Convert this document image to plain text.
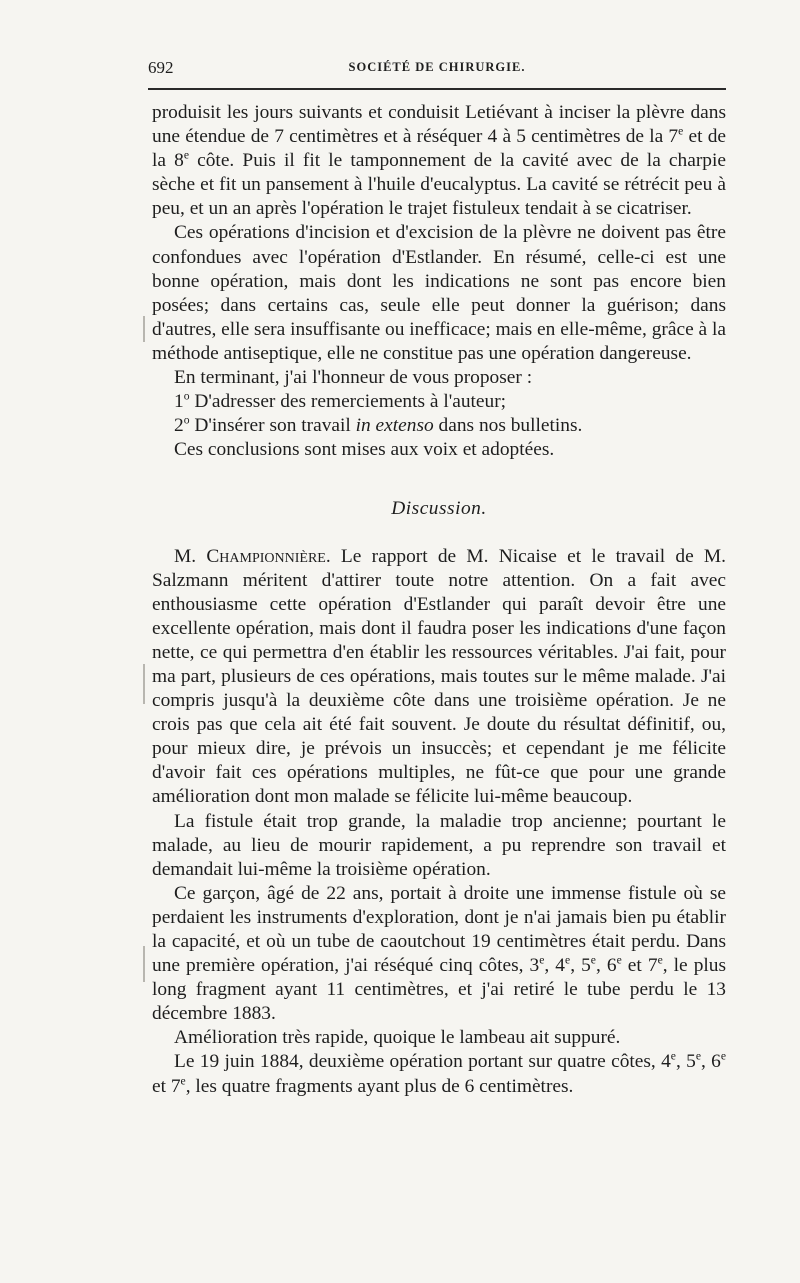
692	SOCIÉTÉ DE CHIRURGIE.

produisit les jours suivants et conduisit Letiévant à inciser la plèvre dans une étendue de 7 centimètres et à réséquer 4 à 5 centimètres de la 7e et de la 8e côte. Puis il fit le tamponnement de la cavité avec de la charpie sèche et fit un pansement à l'huile d'eucalyptus. La cavité se rétrécit peu à peu, et un an après l'opération le trajet fistuleux tendait à se cicatriser.

Ces opérations d'incision et d'excision de la plèvre ne doivent pas être confondues avec l'opération d'Estlander. En résumé, celle-ci est une bonne opération, mais dont les indications ne sont pas encore bien posées; dans certains cas, seule elle peut donner la guérison; dans d'autres, elle sera insuffisante ou inefficace; mais en elle-même, grâce à la méthode antiseptique, elle ne constitue pas une opération dangereuse.

En terminant, j'ai l'honneur de vous proposer :

1$^o$ D'adresser des remerciements à l'auteur;

2$^o$ D'insérer son travail in extenso dans nos bulletins.

Ces conclusions sont mises aux voix et adoptées.

Discussion.

M. Championnière. Le rapport de M. Nicaise et le travail de M. Salzmann méritent d'attirer toute notre attention. On a fait avec enthousiasme cette opération d'Estlander qui paraît devoir être une excellente opération, mais dont il faudra poser les indications d'une façon nette, ce qui permettra d'en établir les ressources véritables. J'ai fait, pour ma part, plusieurs de ces opérations, mais toutes sur le même malade. J'ai compris jusqu'à la deuxième côte dans une troisième opération. Je ne crois pas que cela ait été fait souvent. Je doute du résultat définitif, ou, pour mieux dire, je prévois un insuccès; et cependant je me félicite d'avoir fait ces opérations multiples, ne fût-ce que pour une grande amélioration dont mon malade se félicite lui-même beaucoup.

La fistule était trop grande, la maladie trop ancienne; pourtant le malade, au lieu de mourir rapidement, a pu reprendre son travail et demandait lui-même la troisième opération.

Ce garçon, âgé de 22 ans, portait à droite une immense fistule où se perdaient les instruments d'exploration, dont je n'ai jamais bien pu établir la capacité, et où un tube de caoutchout 19 centimètres était perdu. Dans une première opération, j'ai réséqué cinq côtes, 3e, 4e, 5e, 6e et 7e, le plus long fragment ayant 11 centimètres, et j'ai retiré le tube perdu le 13 décembre 1883.

Amélioration très rapide, quoique le lambeau ait suppuré.

Le 19 juin 1884, deuxième opération portant sur quatre côtes, 4e, 5e, 6e et 7e, les quatre fragments ayant plus de 6 centimètres.
